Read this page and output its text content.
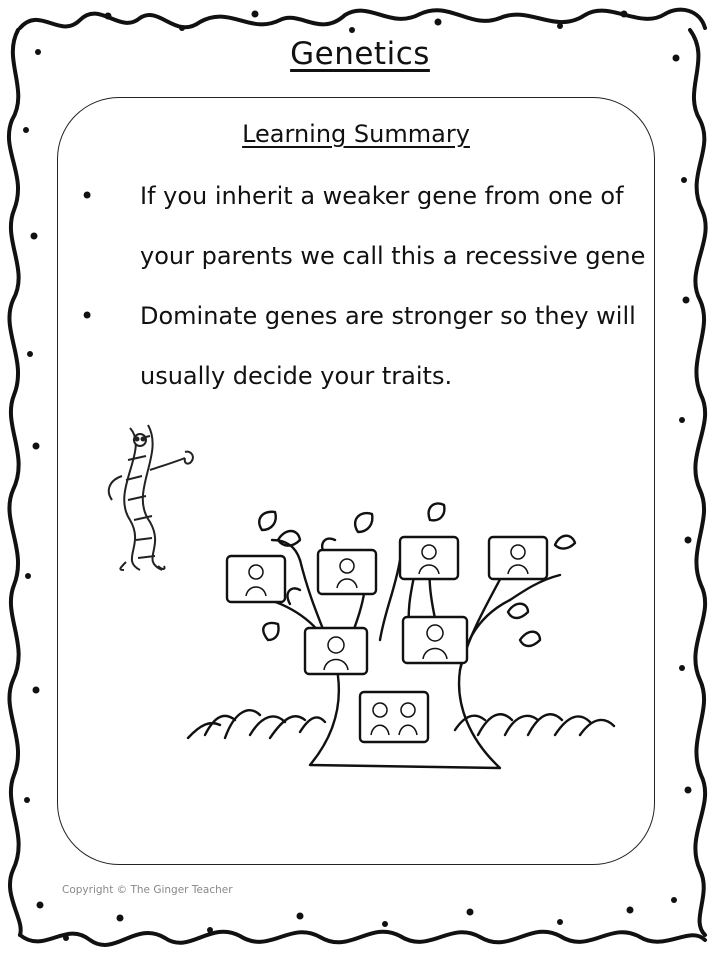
Genetics
Learning Summary
• If you inherit a weaker gene from one of
your parents we call this a recessive gene
• Dominate genes are stronger so they will
usually decide your traits.
Copyright © The Ginger Teacher
